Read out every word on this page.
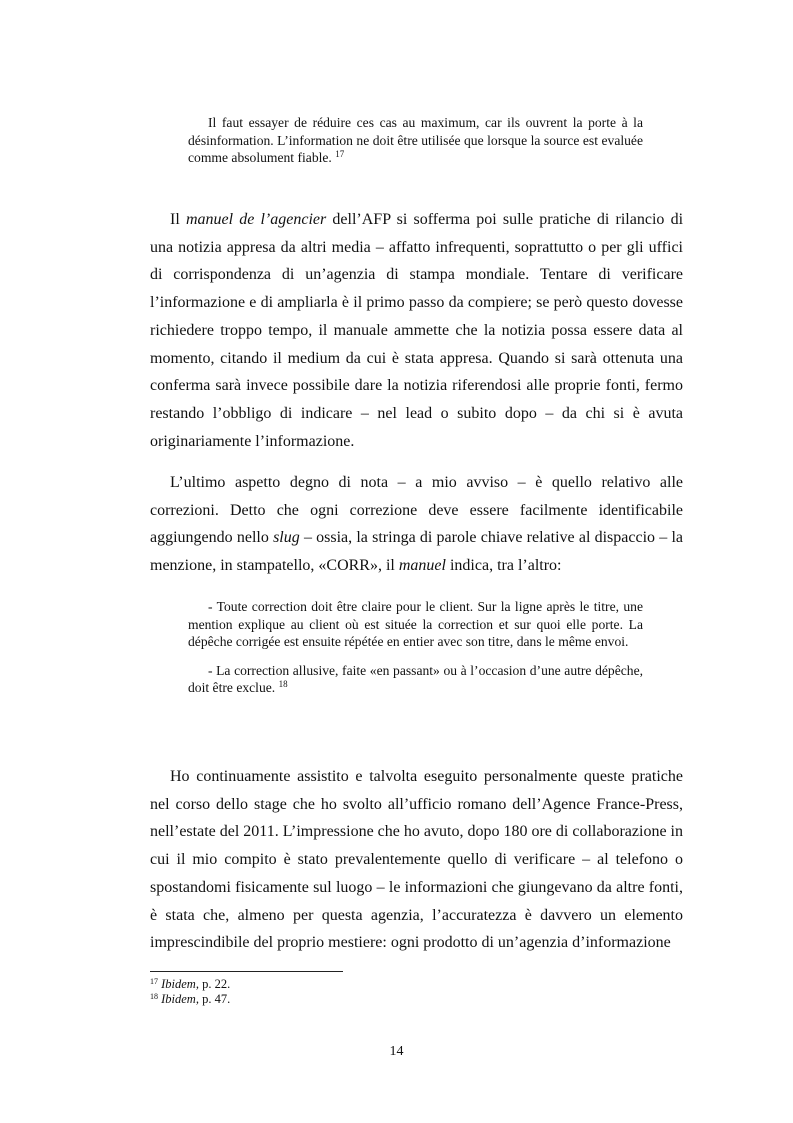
Il faut essayer de réduire ces cas au maximum, car ils ouvrent la porte à la désinformation. L’information ne doit être utilisée que lorsque la source est evaluée comme absolument fiable. $^{17}$

Il manuel de l’agencier dell’AFP si sofferma poi sulle pratiche di rilancio di una notizia appresa da altri media – affatto infrequenti, soprattutto o per gli uffici di corrispondenza di un’agenzia di stampa mondiale. Tentare di verificare l’informazione e di ampliarla è il primo passo da compiere; se però questo dovesse richiedere troppo tempo, il manuale ammette che la notizia possa essere data al momento, citando il medium da cui è stata appresa. Quando si sarà ottenuta una conferma sarà invece possibile dare la notizia riferendosi alle proprie fonti, fermo restando l’obbligo di indicare – nel lead o subito dopo – da chi si è avuta originariamente l’informazione.

L’ultimo aspetto degno di nota – a mio avviso – è quello relativo alle correzioni. Detto che ogni correzione deve essere facilmente identificabile aggiungendo nello slug – ossia, la stringa di parole chiave relative al dispaccio – la menzione, in stampatello, «CORR», il manuel indica, tra l’altro:

- Toute correction doit être claire pour le client. Sur la ligne après le titre, une mention explique au client où est située la correction et sur quoi elle porte. La dépêche corrigée est ensuite répétée en entier avec son titre, dans le même envoi.

- La correction allusive, faite «en passant» ou à l’occasion d’une autre dépêche, doit être exclue. $^{18}$

Ho continuamente assistito e talvolta eseguito personalmente queste pratiche nel corso dello stage che ho svolto all’ufficio romano dell’Agence France-Press, nell’estate del 2011. L’impressione che ho avuto, dopo 180 ore di collaborazione in cui il mio compito è stato prevalentemente quello di verificare – al telefono o spostandomi fisicamente sul luogo – le informazioni che giungevano da altre fonti, è stata che, almeno per questa agenzia, l’accuratezza è davvero un elemento imprescindibile del proprio mestiere: ogni prodotto di un’agenzia d’informazione

$^{17}$ Ibidem, p. 22.
$^{18}$ Ibidem, p. 47.
14
